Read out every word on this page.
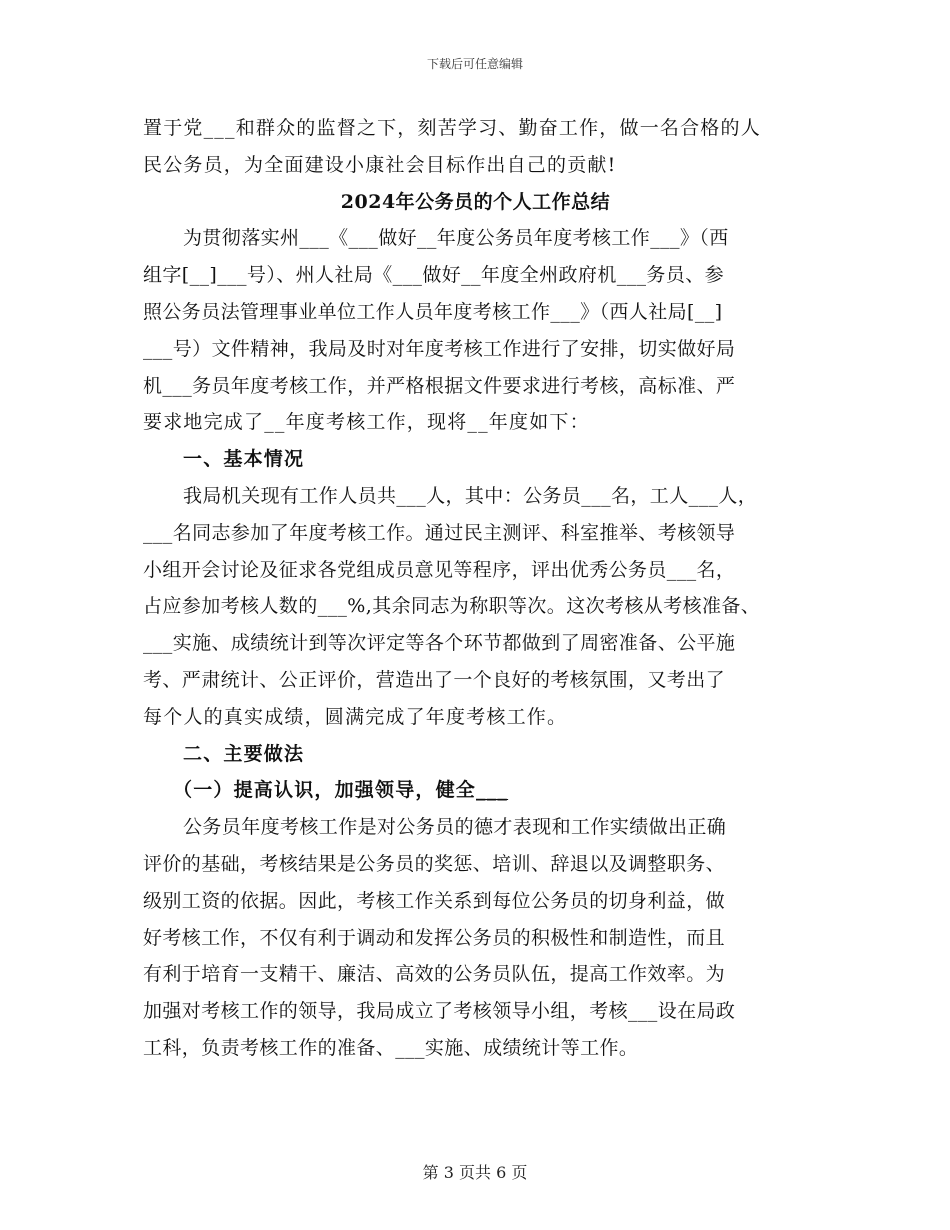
下载后可任意编辑
置于党___和群众的监督之下，刻苦学习、勤奋工作，做一名合格的人
民公务员，为全面建设小康社会目标作出自己的贡献!
2024年公务员的个人工作总结
为贯彻落实州___《___做好__年度公务员年度考核工作___》（西
组字[__]___号）、州人社局《___做好__年度全州政府机___务员、参
照公务员法管理事业单位工作人员年度考核工作___》（西人社局[__]
___号）文件精神，我局及时对年度考核工作进行了安排，切实做好局
机___务员年度考核工作，并严格根据文件要求进行考核，高标准、严
要求地完成了__年度考核工作，现将__年度如下：
一、基本情况
我局机关现有工作人员共___人，其中：公务员___名，工人___人，
___名同志参加了年度考核工作。通过民主测评、科室推举、考核领导
小组开会讨论及征求各党组成员意见等程序，评出优秀公务员___名，
占应参加考核人数的___%,其余同志为称职等次。这次考核从考核准备、
___实施、成绩统计到等次评定等各个环节都做到了周密准备、公平施
考、严肃统计、公正评价，营造出了一个良好的考核氛围，又考出了
每个人的真实成绩，圆满完成了年度考核工作。
二、主要做法
（一）提高认识，加强领导，健全___
公务员年度考核工作是对公务员的德才表现和工作实绩做出正确
评价的基础，考核结果是公务员的奖惩、培训、辞退以及调整职务、
级别工资的依据。因此，考核工作关系到每位公务员的切身利益，做
好考核工作，不仅有利于调动和发挥公务员的积极性和制造性，而且
有利于培育一支精干、廉洁、高效的公务员队伍，提高工作效率。为
加强对考核工作的领导，我局成立了考核领导小组，考核___设在局政
工科，负责考核工作的准备、___实施、成绩统计等工作。
第 3 页共 6 页
